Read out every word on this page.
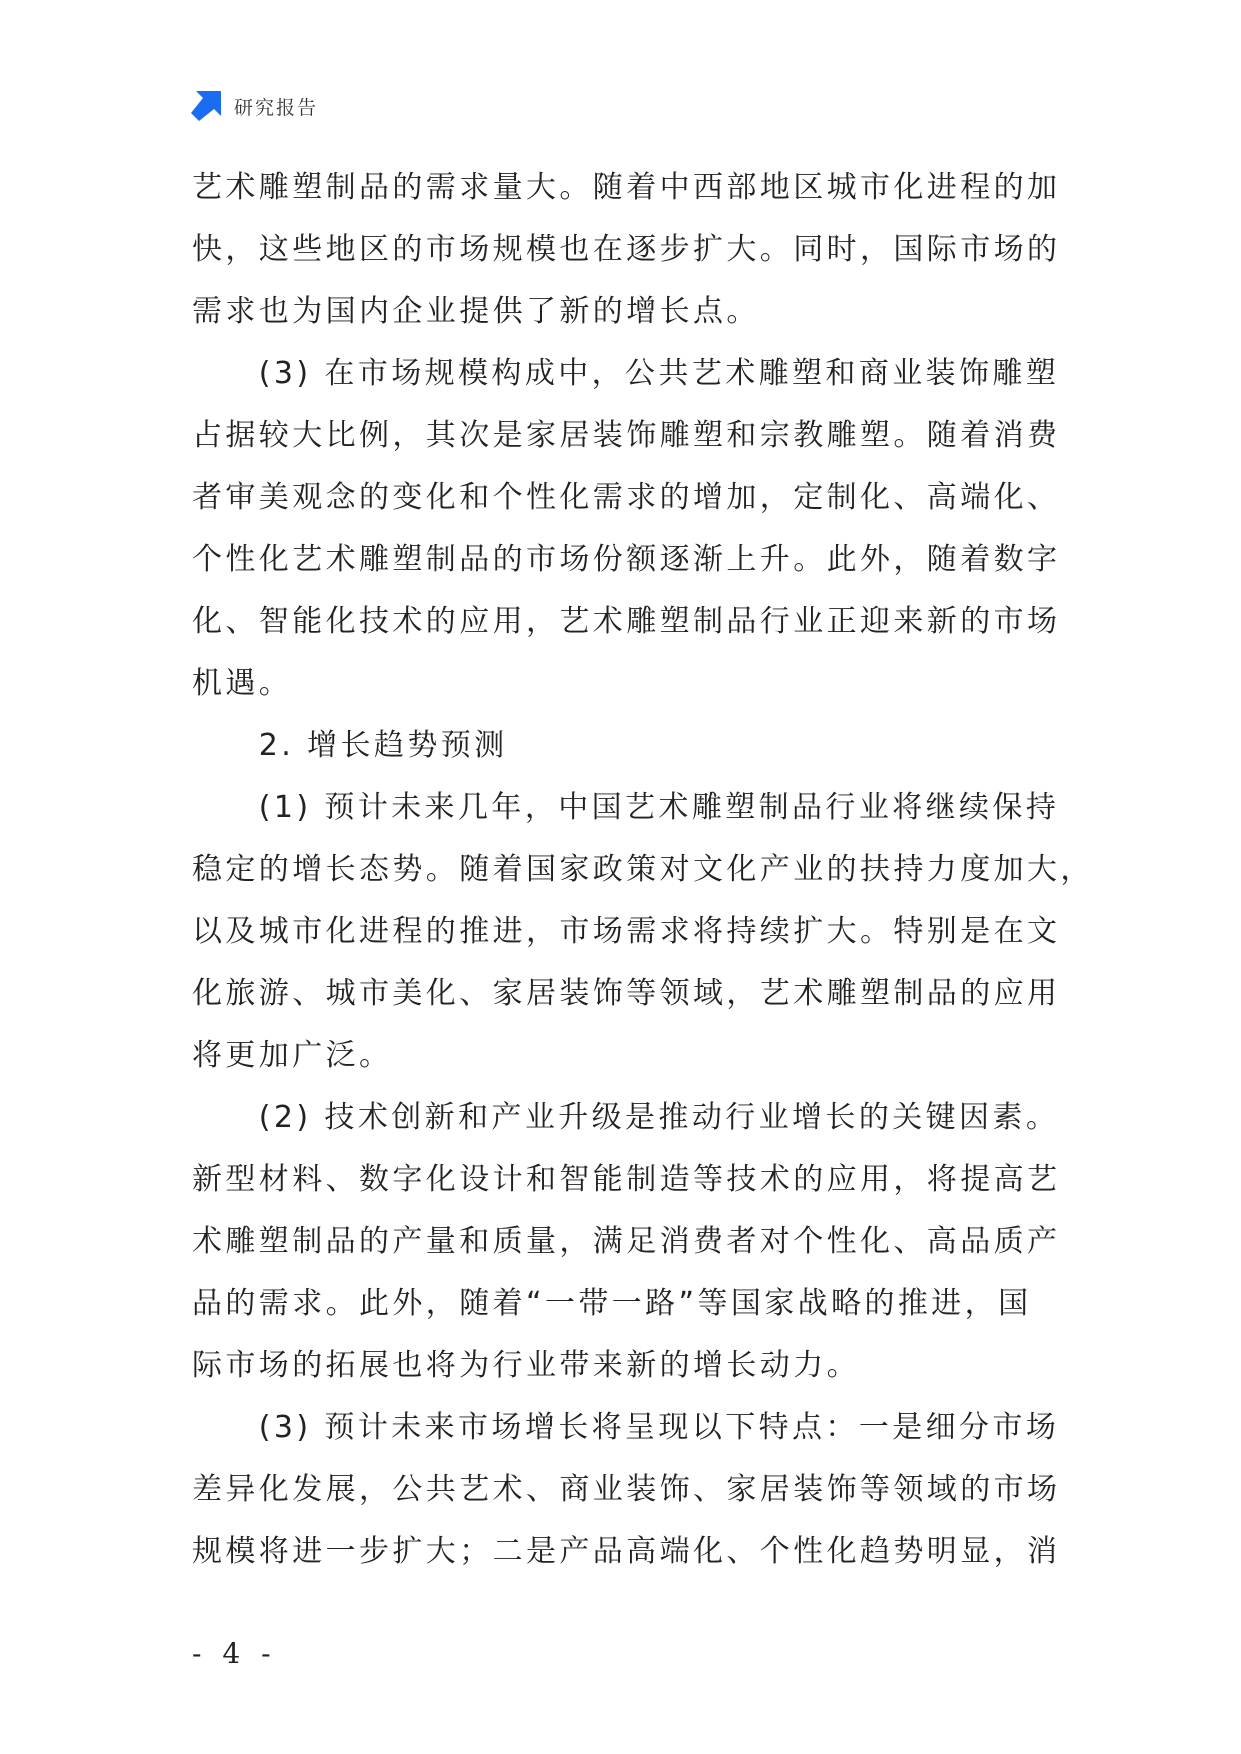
研究报告
艺术雕塑制品的需求量大。随着中西部地区城市化进程的加
快，这些地区的市场规模也在逐步扩大。同时，国际市场的
需求也为国内企业提供了新的增长点。
　　(3) 在市场规模构成中，公共艺术雕塑和商业装饰雕塑
占据较大比例，其次是家居装饰雕塑和宗教雕塑。随着消费
者审美观念的变化和个性化需求的增加，定制化、高端化、
个性化艺术雕塑制品的市场份额逐渐上升。此外，随着数字
化、智能化技术的应用，艺术雕塑制品行业正迎来新的市场
机遇。
　　2. 增长趋势预测
　　(1) 预计未来几年，中国艺术雕塑制品行业将继续保持
稳定的增长态势。随着国家政策对文化产业的扶持力度加大，
以及城市化进程的推进，市场需求将持续扩大。特别是在文
化旅游、城市美化、家居装饰等领域，艺术雕塑制品的应用
将更加广泛。
　　(2) 技术创新和产业升级是推动行业增长的关键因素。
新型材料、数字化设计和智能制造等技术的应用，将提高艺
术雕塑制品的产量和质量，满足消费者对个性化、高品质产
品的需求。此外，随着“一带一路”等国家战略的推进，国
际市场的拓展也将为行业带来新的增长动力。
　　(3) 预计未来市场增长将呈现以下特点：一是细分市场
差异化发展，公共艺术、商业装饰、家居装饰等领域的市场
规模将进一步扩大；二是产品高端化、个性化趋势明显，消
- 4 -
